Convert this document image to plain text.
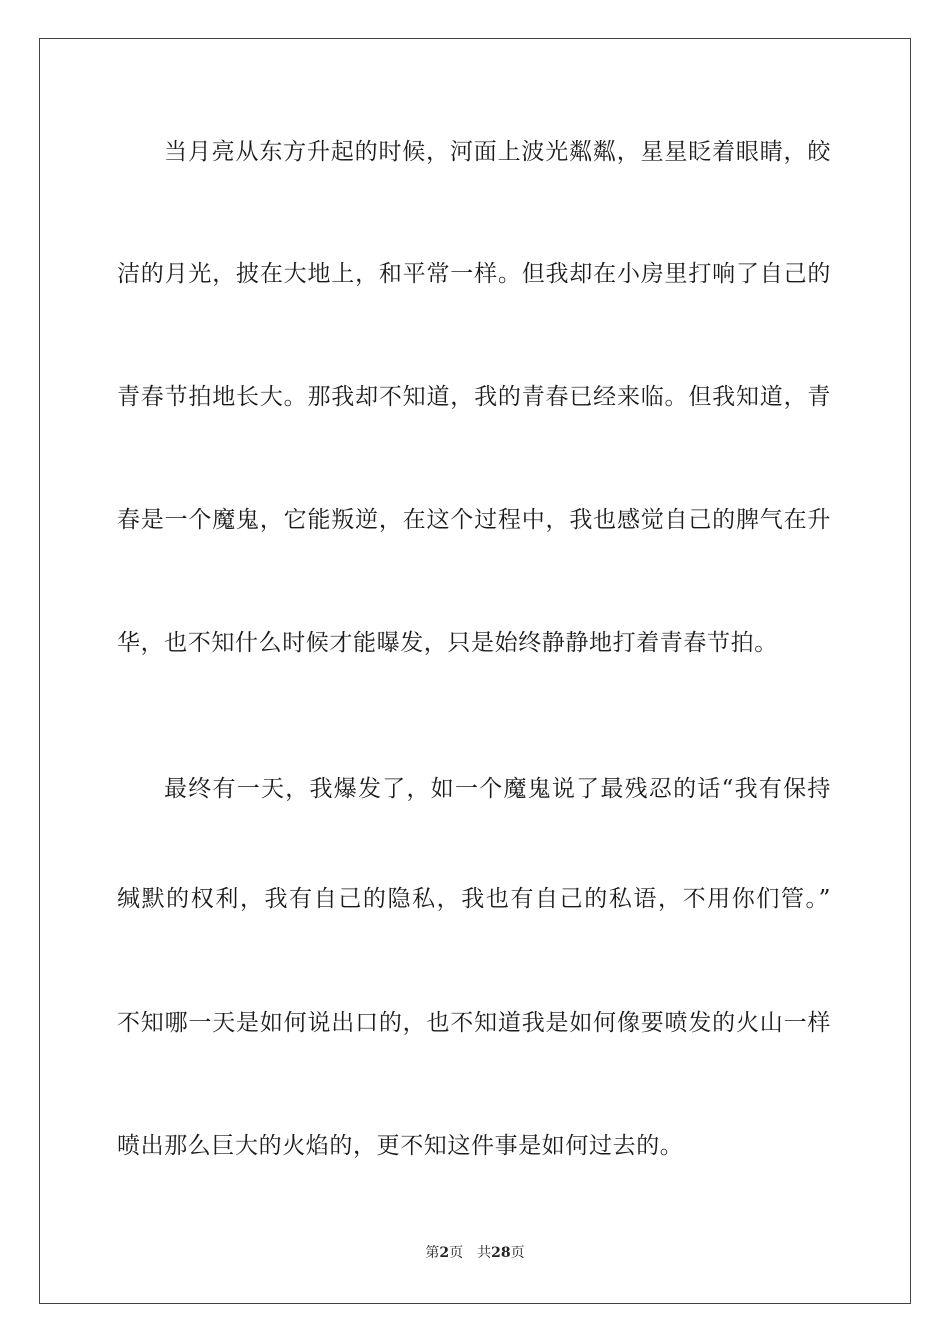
当月亮从东方升起的时候，河面上波光粼粼，星星眨着眼睛，皎
洁的月光，披在大地上，和平常一样。但我却在小房里打响了自己的
青春节拍地长大。那我却不知道，我的青春已经来临。但我知道，青
春是一个魔鬼，它能叛逆，在这个过程中，我也感觉自己的脾气在升
华，也不知什么时候才能曝发，只是始终静静地打着青春节拍。
最终有一天，我爆发了，如一个魔鬼说了最残忍的话“我有保持
缄默的权利，我有自己的隐私，我也有自己的私语，不用你们管。”
不知哪一天是如何说出口的，也不知道我是如何像要喷发的火山一样
喷出那么巨大的火焰的，更不知这件事是如何过去的。
第2页 共28页
